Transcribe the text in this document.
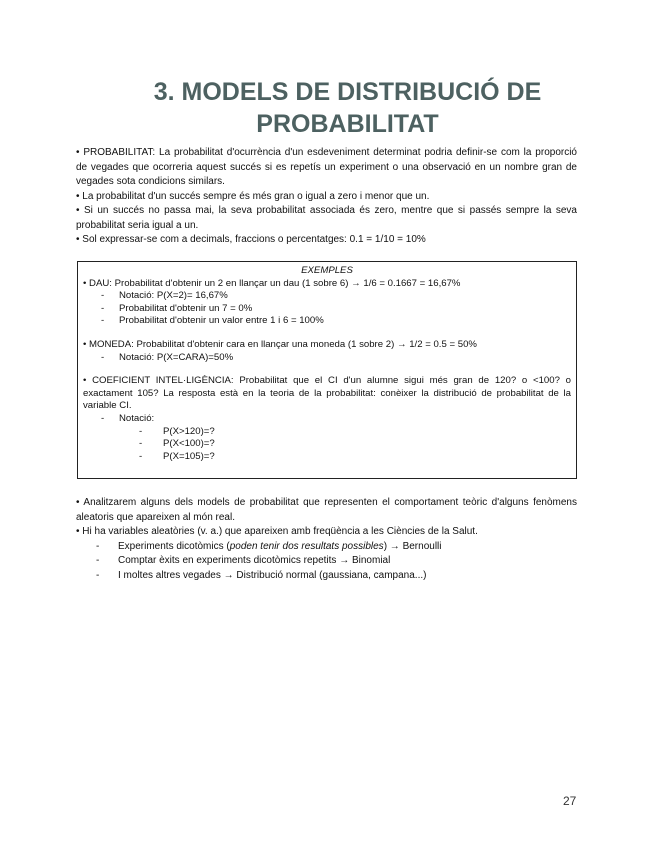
3. MODELS DE DISTRIBUCIÓ DE
PROBABILITAT

• PROBABILITAT: La probabilitat d'ocurrència d'un esdeveniment determinat podria definir-se com la proporció de vegades que ocorreria aquest succés si es repetís un experiment o una observació en un nombre gran de vegades sota condicions similars.

• La probabilitat d'un succés sempre és més gran o igual a zero i menor que un.

• Si un succés no passa mai, la seva probabilitat associada és zero, mentre que si passés sempre la seva probabilitat seria igual a un.

• Sol expressar-se com a decimals, fraccions o percentatges: 0.1 = 1/10 = 10%

EXEMPLES

• DAU: Probabilitat d'obtenir un 2 en llançar un dau (1 sobre 6) → 1/6 = 0.1667 = 16,67%

-	Notació: P(X=2)= 16,67%
-	Probabilitat d'obtenir un 7 = 0%
-	Probabilitat d'obtenir un valor entre 1 i 6 = 100%

• MONEDA: Probabilitat d'obtenir cara en llançar una moneda (1 sobre 2) → 1/2 = 0.5 = 50%

-	Notació: P(X=CARA)=50%

• COEFICIENT INTEL·LIGÈNCIA: Probabilitat que el CI d'un alumne sigui més gran de 120? o <100? o exactament 105? La resposta està en la teoria de la probabilitat: conèixer la distribució de probabilitat de la variable CI.

-	Notació:
-	P(X>120)=?
-	P(X<100)=?
-	P(X=105)=?

• Analitzarem alguns dels models de probabilitat que representen el comportament teòric d'alguns fenòmens aleatoris que apareixen al món real.

• Hi ha variables aleatòries (v. a.) que apareixen amb freqüència a les Ciències de la Salut.

-	Experiments dicotòmics (poden tenir dos resultats possibles) → Bernoulli
-	Comptar èxits en experiments dicotòmics repetits → Binomial
-	I moltes altres vegades → Distribució normal (gaussiana, campana...)
27
